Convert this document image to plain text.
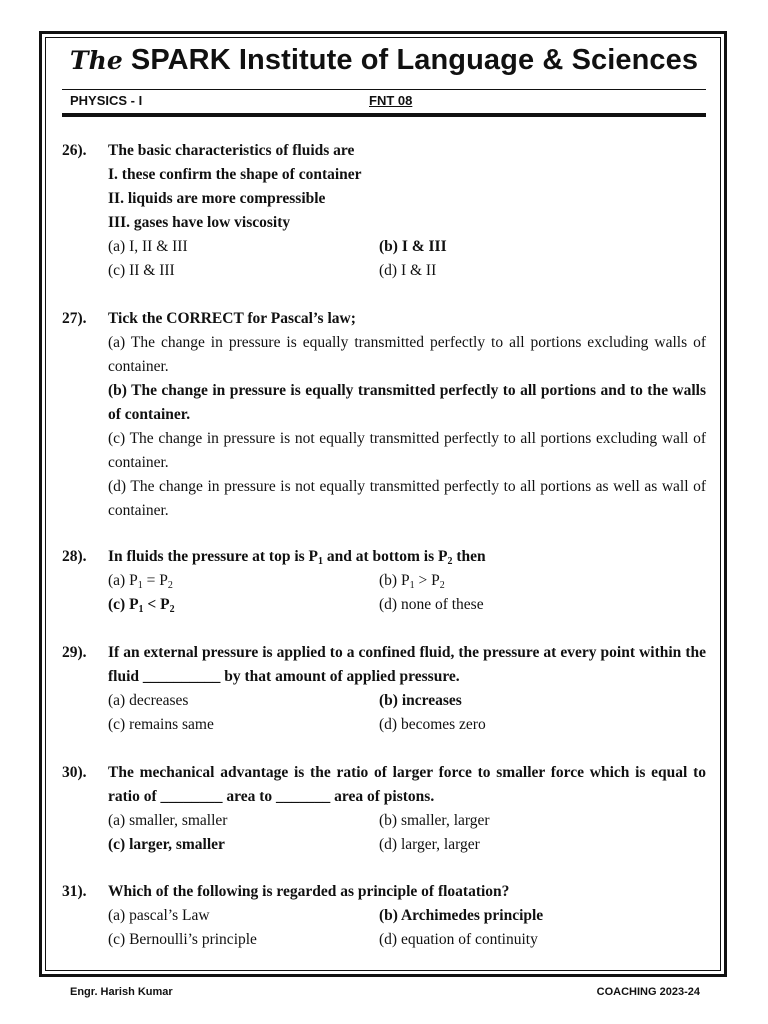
The SPARK Institute of Language & Sciences
PHYSICS - I	FNT 08
26). The basic characteristics of fluids are
I. these confirm the shape of container
II. liquids are more compressible
III. gases have low viscosity
(a) I, II & III	(b) I & III
(c) II & III	(d) I & II
27). Tick the CORRECT for Pascal’s law;
(a) The change in pressure is equally transmitted perfectly to all portions excluding walls of container.
(b) The change in pressure is equally transmitted perfectly to all portions and to the walls of container.
(c) The change in pressure is not equally transmitted perfectly to all portions excluding wall of container.
(d) The change in pressure is not equally transmitted perfectly to all portions as well as wall of container.
28). In fluids the pressure at top is $P_1$ and at bottom is $P_2$ then
(a) $P_1 = P_2$	(b) $P_1 > P_2$
(c) $P_1 < P_2$	(d) none of these
29). If an external pressure is applied to a confined fluid, the pressure at every point within the fluid __________ by that amount of applied pressure.
(a) decreases	(b) increases
(c) remains same	(d) becomes zero
30). The mechanical advantage is the ratio of larger force to smaller force which is equal to ratio of ________ area to _______ area of pistons.
(a) smaller, smaller	(b) smaller, larger
(c) larger, smaller	(d) larger, larger
31). Which of the following is regarded as principle of floatation?
(a) pascal’s Law	(b) Archimedes principle
(c) Bernoulli’s principle	(d) equation of continuity
Engr. Harish Kumar	COACHING 2023-24
